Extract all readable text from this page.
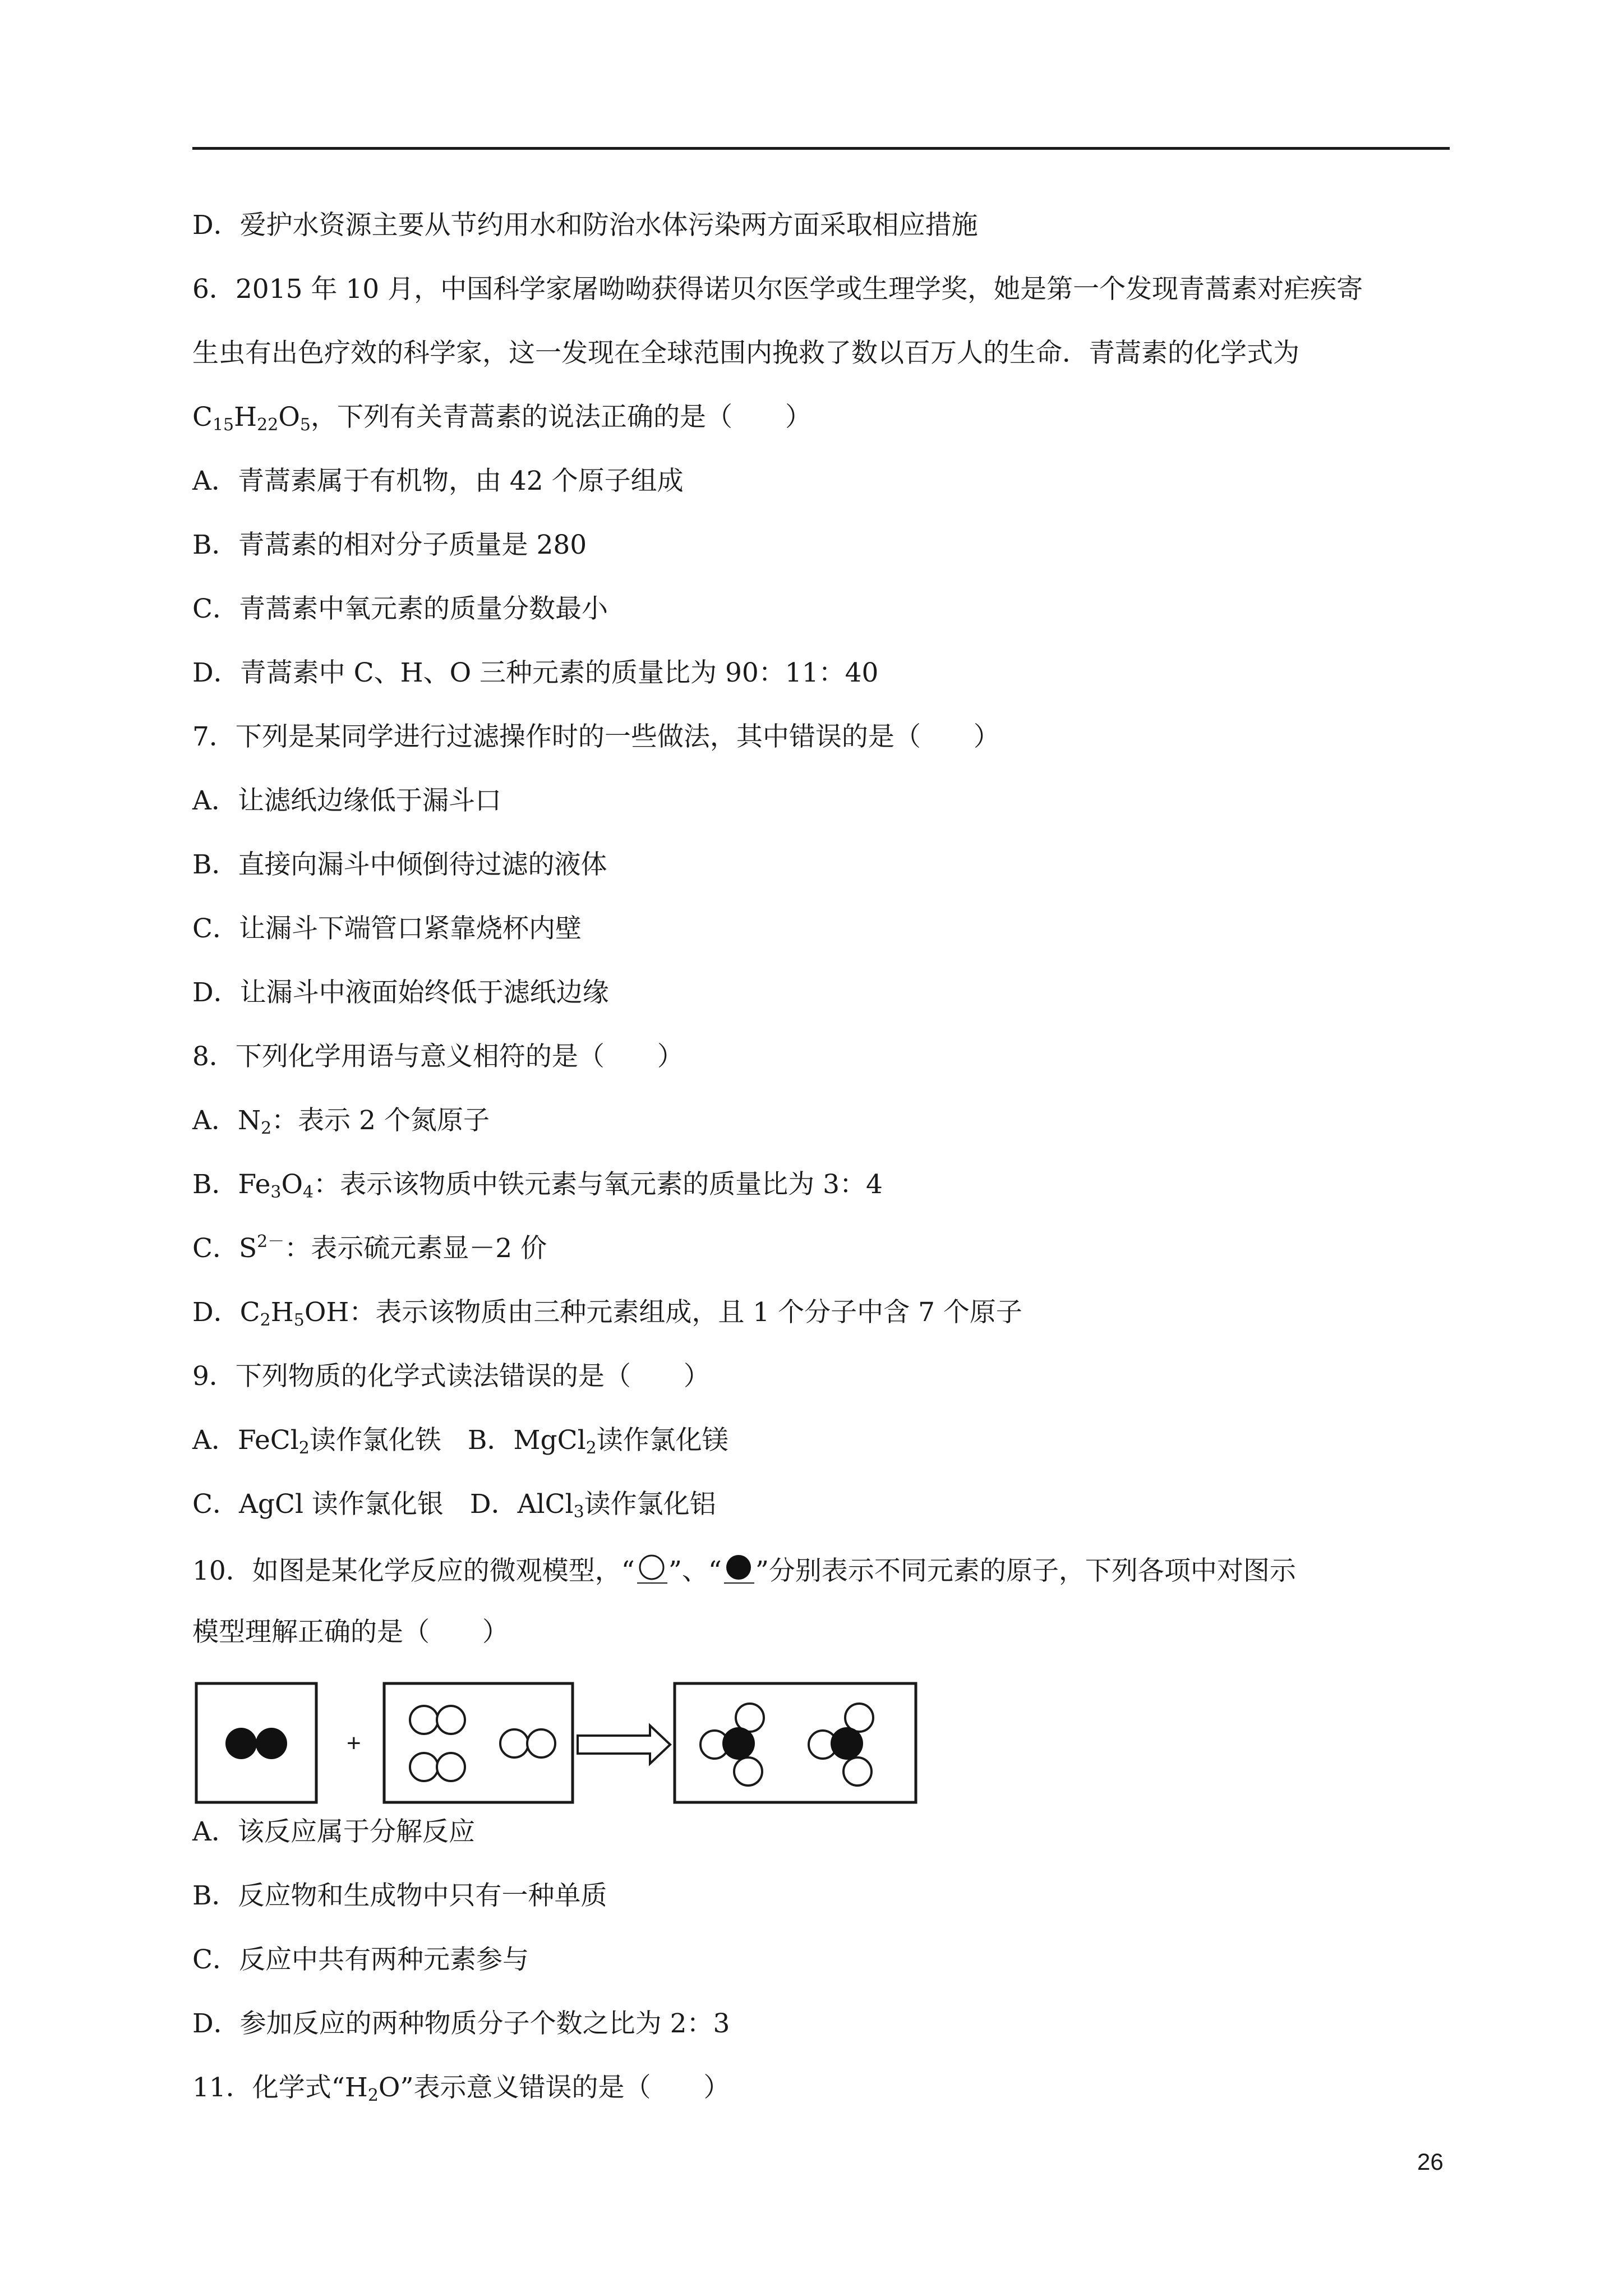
D．爱护水资源主要从节约用水和防治水体污染两方面采取相应措施
6．2015 年 10 月，中国科学家屠呦呦获得诺贝尔医学或生理学奖，她是第一个发现青蒿素对疟疾寄
生虫有出色疗效的科学家，这一发现在全球范围内挽救了数以百万人的生命．青蒿素的化学式为
$C_{15}H_{22}O_5$，下列有关青蒿素的说法正确的是（　　）
A．青蒿素属于有机物，由 42 个原子组成
B．青蒿素的相对分子质量是 280
C．青蒿素中氧元素的质量分数最小
D．青蒿素中 C、H、O 三种元素的质量比为 90：11：40
7．下列是某同学进行过滤操作时的一些做法，其中错误的是（　　）
A．让滤纸边缘低于漏斗口
B．直接向漏斗中倾倒待过滤的液体
C．让漏斗下端管口紧靠烧杯内壁
D．让漏斗中液面始终低于滤纸边缘
8．下列化学用语与意义相符的是（　　）
A．$N_2$：表示 2 个氮原子
B．$Fe_3O_4$：表示该物质中铁元素与氧元素的质量比为 3：4
C．$S^{2-}$：表示硫元素显－2 价
D．$C_2H_5OH$：表示该物质由三种元素组成，且 1 个分子中含 7 个原子
9．下列物质的化学式读法错误的是（　　）
A．FeCl$_2$读作氯化铁　B．MgCl$_2$读作氯化镁
C．AgCl 读作氯化银　D．AlCl$_3$读作氯化铝
10．如图是某化学反应的微观模型，“ ”、“ ”分别表示不同元素的原子，下列各项中对图示
模型理解正确的是（　　）
+
A．该反应属于分解反应
B．反应物和生成物中只有一种单质
C．反应中共有两种元素参与
D．参加反应的两种物质分子个数之比为 2：3
11．化学式“$H_2O$”表示意义错误的是（　　）
26
